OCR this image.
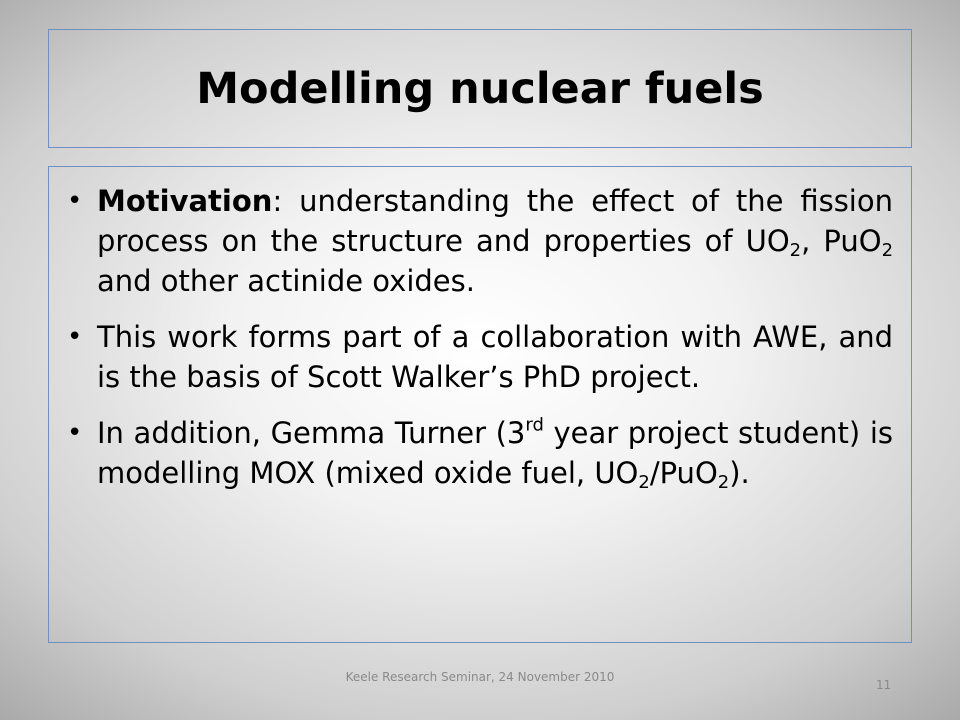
Modelling nuclear fuels
• Motivation: understanding the effect of the fission process on the structure and properties of $UO_2$, PuO$_2$ and other actinide oxides.
• This work forms part of a collaboration with AWE, and is the basis of Scott Walker’s PhD project.
• In addition, Gemma Turner (3rd year project student) is modelling MOX (mixed oxide fuel, $UO_2/PuO_2$).
Keele Research Seminar, 24 November 2010
11
